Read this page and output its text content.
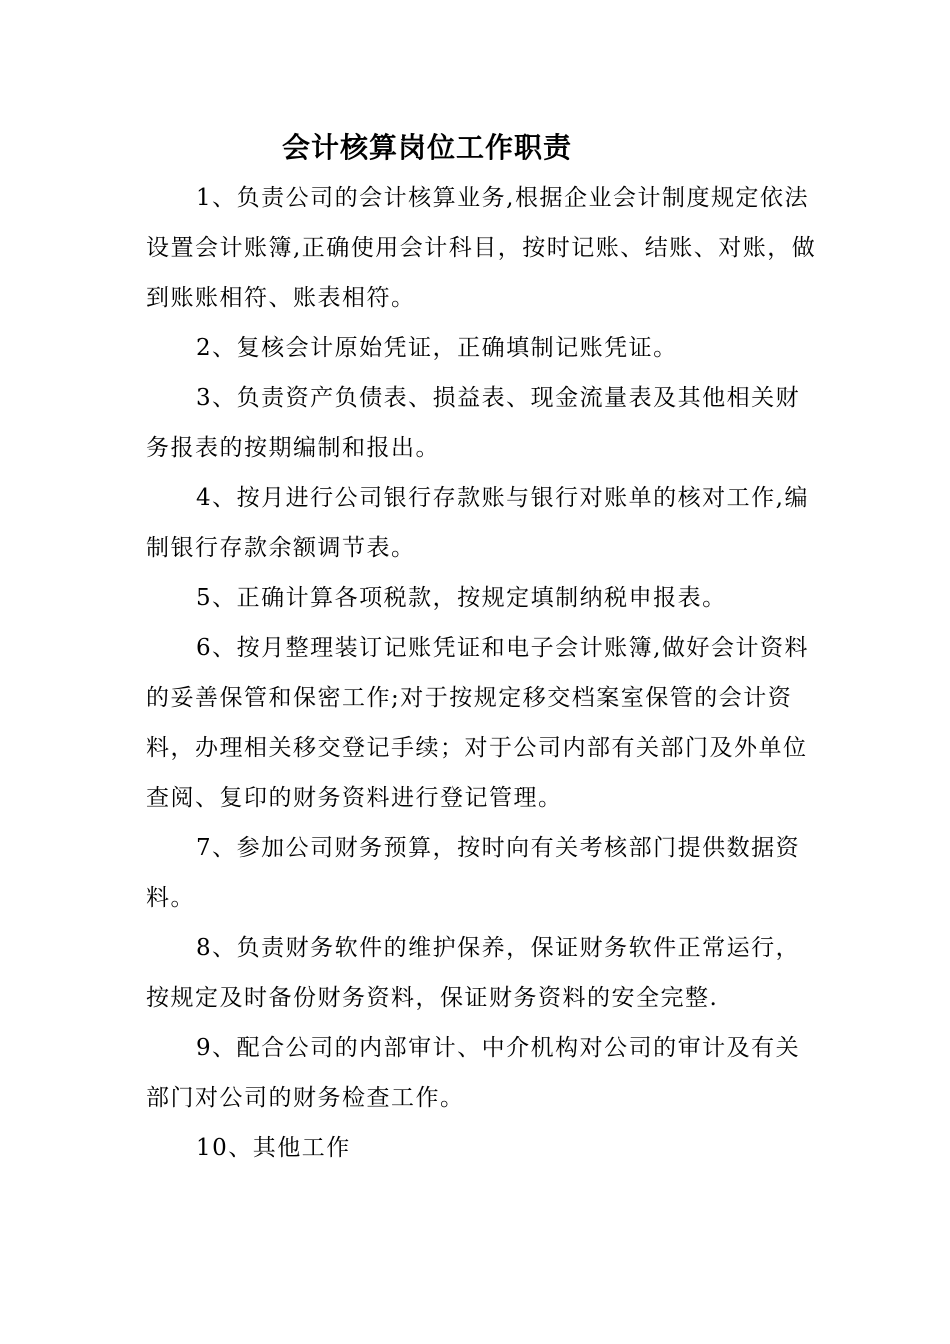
会计核算岗位工作职责

1、负责公司的会计核算业务,根据企业会计制度规定依法设置会计账簿,正确使用会计科目，按时记账、结账、对账，做到账账相符、账表相符。

2、复核会计原始凭证，正确填制记账凭证。

3、负责资产负债表、损益表、现金流量表及其他相关财务报表的按期编制和报出。

4、按月进行公司银行存款账与银行对账单的核对工作,编制银行存款余额调节表。

5、正确计算各项税款，按规定填制纳税申报表。

6、按月整理装订记账凭证和电子会计账簿,做好会计资料的妥善保管和保密工作;对于按规定移交档案室保管的会计资料，办理相关移交登记手续；对于公司内部有关部门及外单位查阅、复印的财务资料进行登记管理。

7、参加公司财务预算，按时向有关考核部门提供数据资料。

8、负责财务软件的维护保养，保证财务软件正常运行，按规定及时备份财务资料，保证财务资料的安全完整.

9、配合公司的内部审计、中介机构对公司的审计及有关部门对公司的财务检查工作。

10、其他工作
